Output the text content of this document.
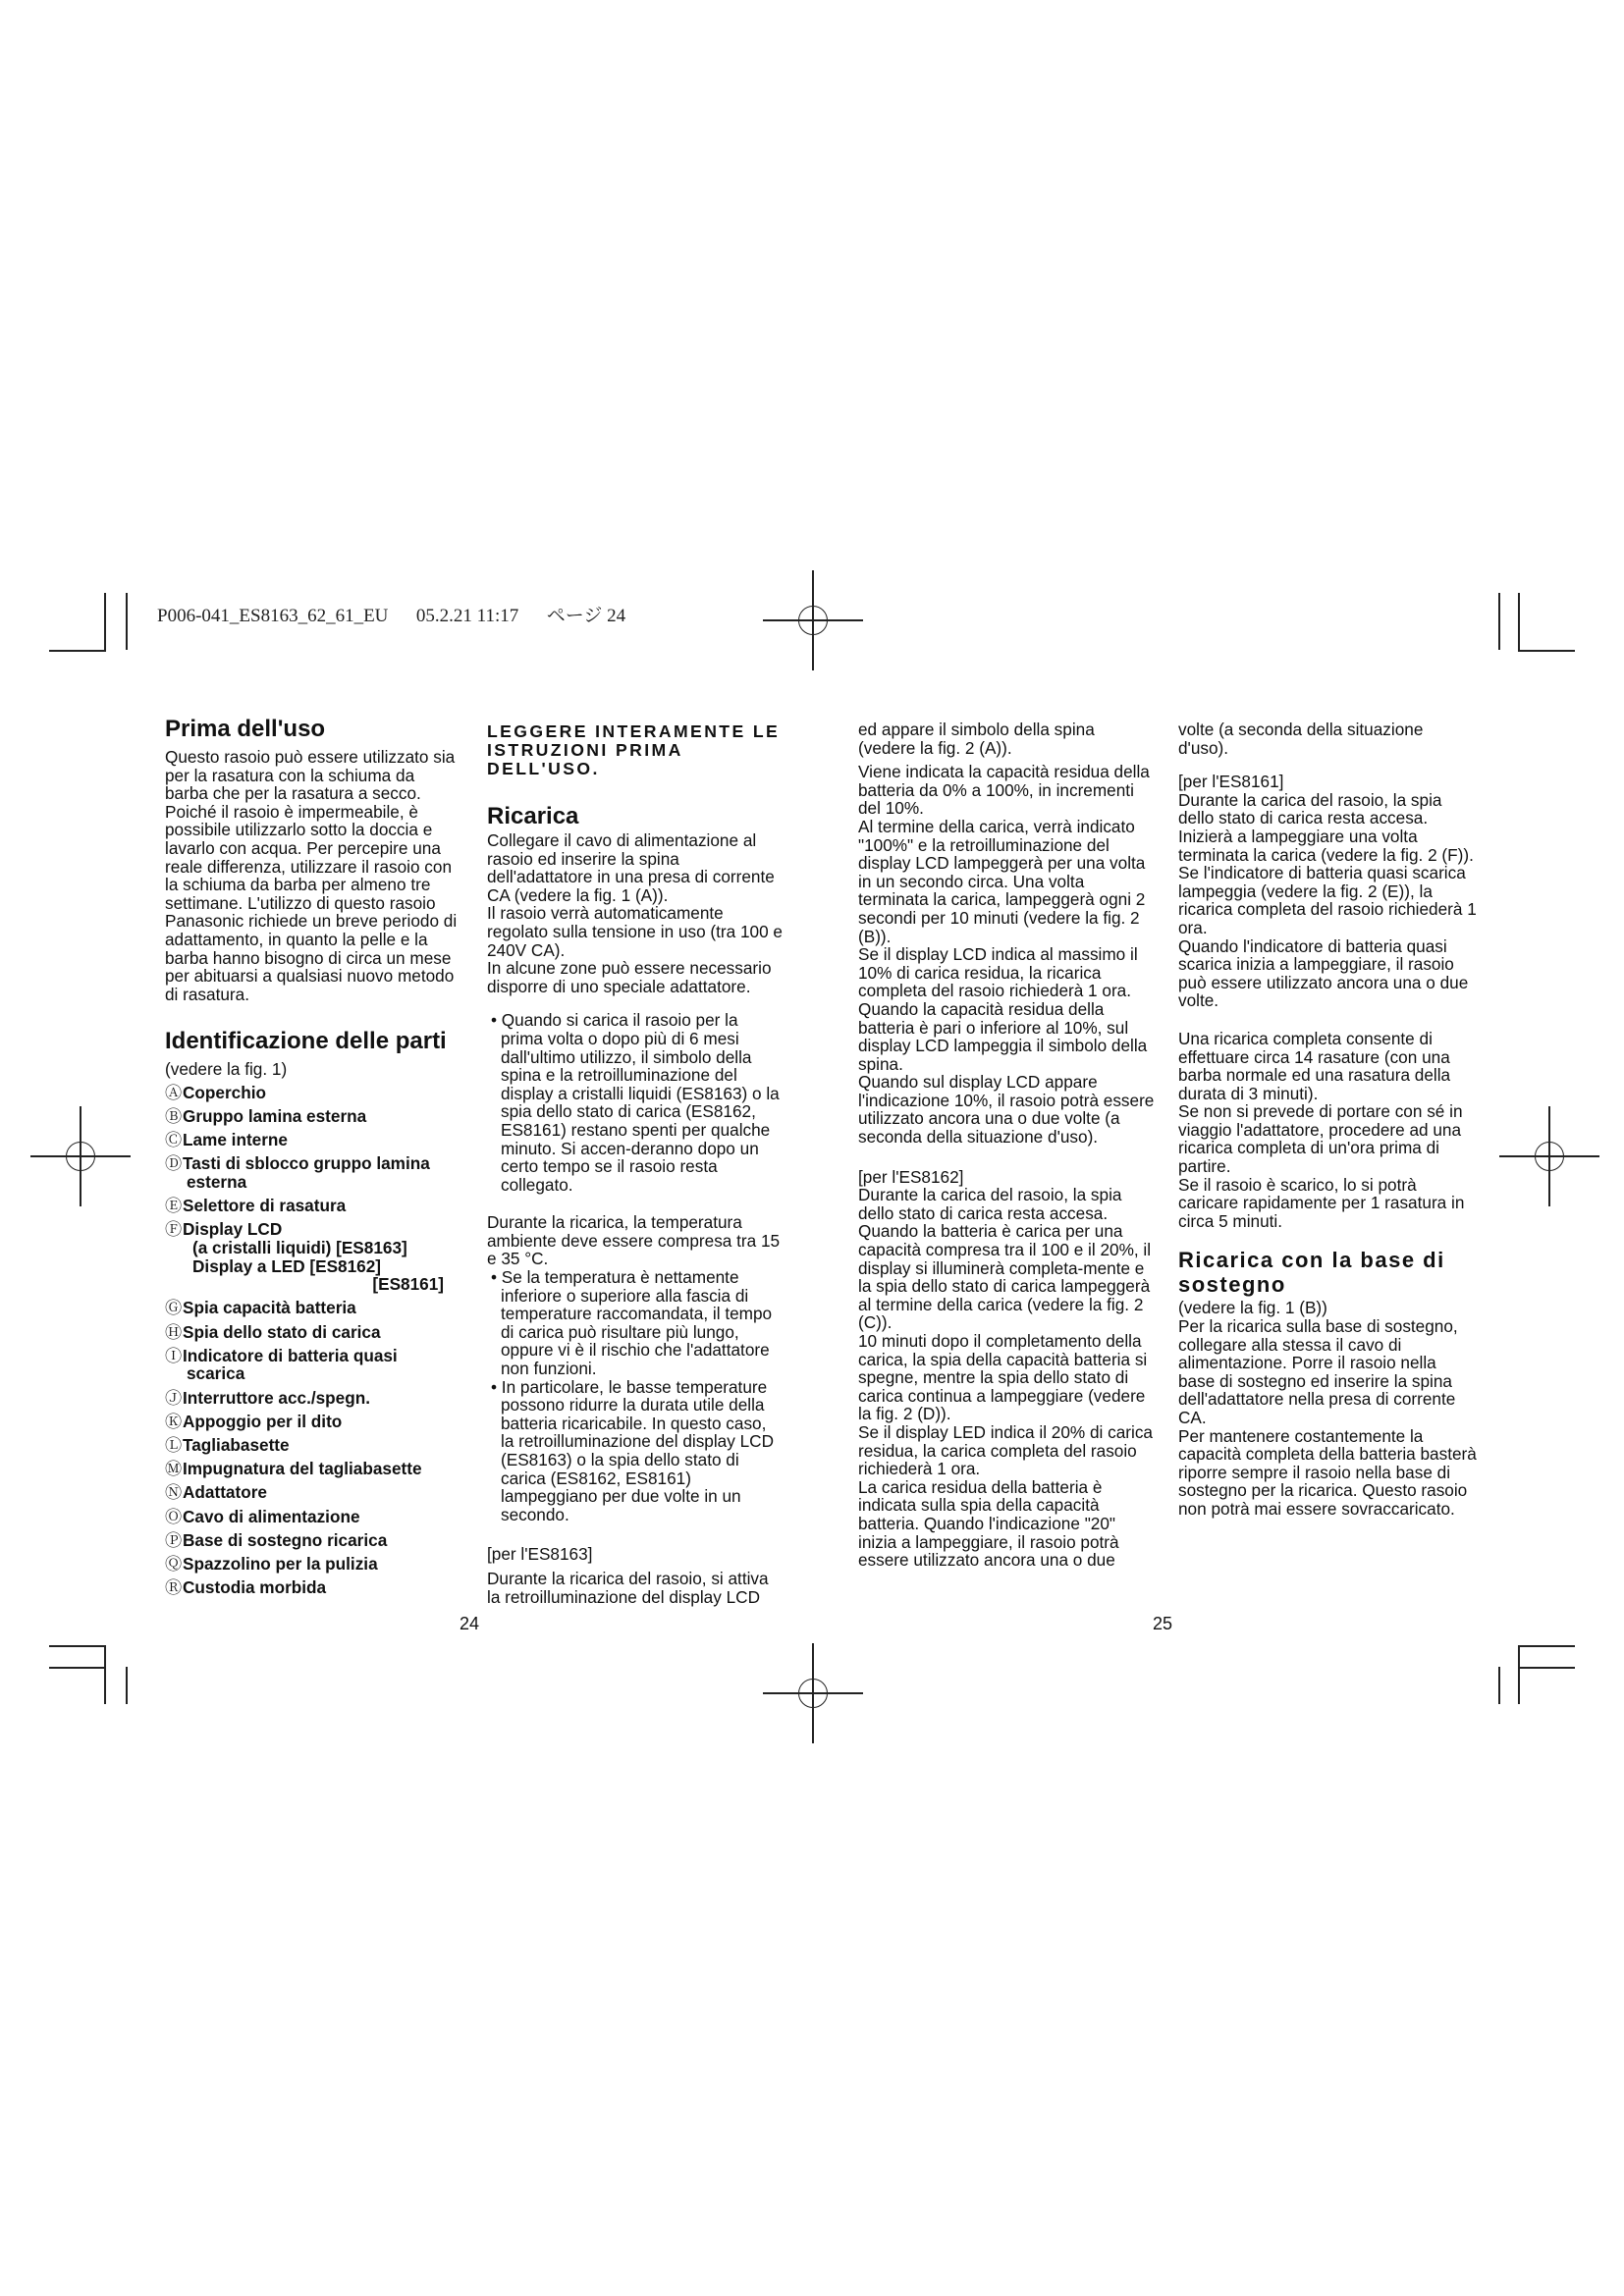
P006-041_ES8163_62_61_EU      05.2.21 11:17      ページ 24
Prima dell'uso

Questo rasoio può essere utilizzato sia per la rasatura con la schiuma da barba che per la rasatura a secco. Poiché il rasoio è impermeabile, è possibile utilizzarlo sotto la doccia e lavarlo con acqua. Per percepire una reale differenza, utilizzare il rasoio con la schiuma da barba per almeno tre settimane. L'utilizzo di questo rasoio Panasonic richiede un breve periodo di adattamento, in quanto la pelle e la barba hanno bisogno di circa un mese per abituarsi a qualsiasi nuovo metodo di rasatura.

Identificazione delle parti

(vedere la fig. 1)

ⒶCoperchio
ⒷGruppo lamina esterna
ⒸLame interne
ⒹTasti di sblocco gruppo lamina
esterna
ⒺSelettore di rasatura
ⒻDisplay LCD
(a cristalli liquidi) [ES8163]
Display a LED [ES8162]
[ES8161]
ⒼSpia capacità batteria
ⒽSpia dello stato di carica
ⒾIndicatore di batteria quasi
scarica
ⒿInterruttore acc./spegn.
ⓀAppoggio per il dito
ⓁTagliabasette
ⓂImpugnatura del tagliabasette
ⓃAdattatore
ⓄCavo di alimentazione
ⓅBase di sostegno ricarica
ⓆSpazzolino per la pulizia
ⓇCustodia morbida
LEGGERE INTERAMENTE LE ISTRUZIONI PRIMA DELL'USO.
Ricarica

Collegare il cavo di alimentazione al rasoio ed inserire la spina dell'adattatore in una presa di corrente CA (vedere la fig. 1 (A)).

Il rasoio verrà automaticamente regolato sulla tensione in uso (tra 100 e 240V CA).

In alcune zone può essere necessario disporre di uno speciale adattatore.

• Quando si carica il rasoio per la prima volta o dopo più di 6 mesi dall'ultimo utilizzo, il simbolo della spina e la retroilluminazione del display a cristalli liquidi (ES8163) o la spia dello stato di carica (ES8162, ES8161) restano spenti per qualche minuto. Si accen-deranno dopo un certo tempo se il rasoio resta collegato.

Durante la ricarica, la temperatura ambiente deve essere compresa tra 15 e 35 °C.

• Se la temperatura è nettamente inferiore o superiore alla fascia di temperature raccomandata, il tempo di carica può risultare più lungo, oppure vi è il rischio che l'adattatore non funzioni.
• In particolare, le basse temperature possono ridurre la durata utile della batteria ricaricabile. In questo caso, la retroilluminazione del display LCD (ES8163) o la spia dello stato di carica (ES8162, ES8161) lampeggiano per due volte in un secondo.

[per l'ES8163]

Durante la ricarica del rasoio, si attiva la retroilluminazione del display LCD

ed appare il simbolo della spina (vedere la fig. 2 (A)).

Viene indicata la capacità residua della batteria da 0% a 100%, in incrementi del 10%.

Al termine della carica, verrà indicato "100%" e la retroilluminazione del display LCD lampeggerà per una volta in un secondo circa. Una volta terminata la carica, lampeggerà ogni 2 secondi per 10 minuti (vedere la fig. 2 (B)).

Se il display LCD indica al massimo il 10% di carica residua, la ricarica completa del rasoio richiederà 1 ora.

Quando la capacità residua della batteria è pari o inferiore al 10%, sul display LCD lampeggia il simbolo della spina.

Quando sul display LCD appare l'indicazione 10%, il rasoio potrà essere utilizzato ancora una o due volte (a seconda della situazione d'uso).

[per l'ES8162]

Durante la carica del rasoio, la spia dello stato di carica resta accesa.

Quando la batteria è carica per una capacità compresa tra il 100 e il 20%, il display si illuminerà completa-mente e la spia dello stato di carica lampeggerà al termine della carica (vedere la fig. 2 (C)).

10 minuti dopo il completamento della carica, la spia della capacità batteria si spegne, mentre la spia dello stato di carica continua a lampeggiare (vedere la fig. 2 (D)).

Se il display LED indica il 20% di carica residua, la carica completa del rasoio richiederà 1 ora.

La carica residua della batteria è indicata sulla spia della capacità batteria. Quando l'indicazione "20" inizia a lampeggiare, il rasoio potrà essere utilizzato ancora una o due

volte (a seconda della situazione d'uso).

[per l'ES8161]

Durante la carica del rasoio, la spia dello stato di carica resta accesa. Inizierà a lampeggiare una volta terminata la carica (vedere la fig. 2 (F)).

Se l'indicatore di batteria quasi scarica lampeggia (vedere la fig. 2 (E)), la ricarica completa del rasoio richiederà 1 ora.

Quando l'indicatore di batteria quasi scarica inizia a lampeggiare, il rasoio può essere utilizzato ancora una o due volte.

Una ricarica completa consente di effettuare circa 14 rasature (con una barba normale ed una rasatura della durata di 3 minuti).

Se non si prevede di portare con sé in viaggio l'adattatore, procedere ad una ricarica completa di un'ora prima di partire.

Se il rasoio è scarico, lo si potrà caricare rapidamente per 1 rasatura in circa 5 minuti.

Ricarica con la base di sostegno

(vedere la fig. 1 (B))

Per la ricarica sulla base di sostegno, collegare alla stessa il cavo di alimentazione. Porre il rasoio nella base di sostegno ed inserire la spina dell'adattatore nella presa di corrente CA.

Per mantenere costantemente la capacità completa della batteria basterà riporre sempre il rasoio nella base di sostegno per la ricarica. Questo rasoio non potrà mai essere sovraccaricato.

24	25
